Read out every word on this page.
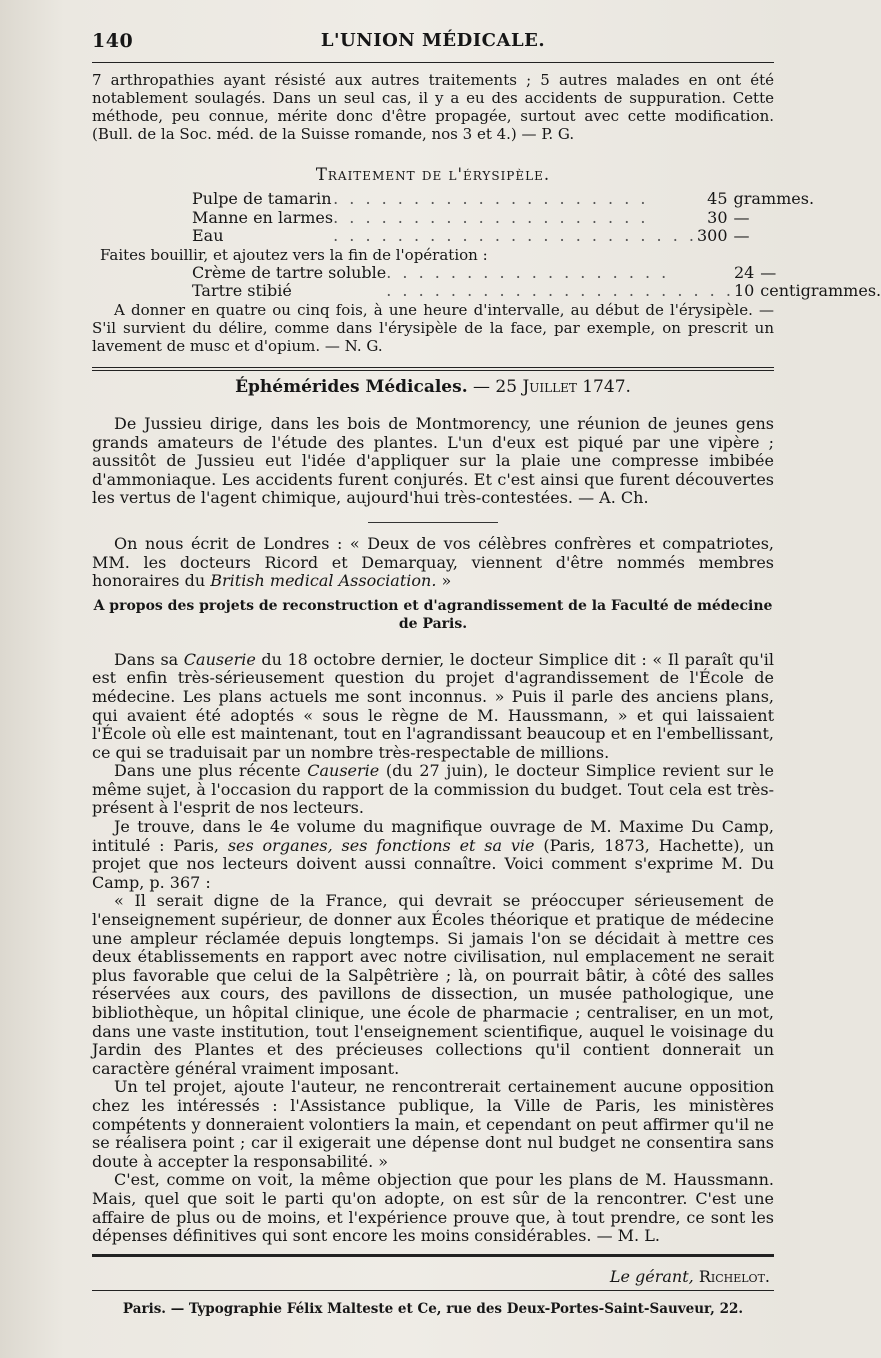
140	L'UNION MÉDICALE.

7 arthropathies ayant résisté aux autres traitements ; 5 autres malades en ont été notablement soulagés. Dans un seul cas, il y a eu des accidents de suppuration. Cette méthode, peu connue, mérite donc d'être propagée, surtout avec cette modification. (Bull. de la Soc. méd. de la Suisse romande, nos 3 et 4.) — P. G.

Traitement de l'érysipèle.
Pulpe de tamarin	. . . . . . . . . . . . . . . . . . . .	45	grammes.
Manne en larmes	. . . . . . . . . . . . . . . . . . . .	30	—
Eau	. . . . . . . . . . . . . . . . . . . . . . .	300	—

Faites bouillir, et ajoutez vers la fin de l'opération :

Crème de tartre soluble	. . . . . . . . . . . . . . . . . .	24	—
Tartre stibié	. . . . . . . . . . . . . . . . . . . . . .	10	centigrammes.

A donner en quatre ou cinq fois, à une heure d'intervalle, au début de l'érysipèle. — S'il survient du délire, comme dans l'érysipèle de la face, par exemple, on prescrit un lavement de musc et d'opium. — N. G.

Éphémérides Médicales. — 25 Juillet 1747.

De Jussieu dirige, dans les bois de Montmorency, une réunion de jeunes gens grands amateurs de l'étude des plantes. L'un d'eux est piqué par une vipère ; aussitôt de Jussieu eut l'idée d'appliquer sur la plaie une compresse imbibée d'ammoniaque. Les accidents furent conjurés. Et c'est ainsi que furent découvertes les vertus de l'agent chimique, aujourd'hui très-contestées. — A. Ch.

On nous écrit de Londres : « Deux de vos célèbres confrères et compatriotes, MM. les docteurs Ricord et Demarquay, viennent d'être nommés membres honoraires du British medical Association. »

A propos des projets de reconstruction et d'agrandissement de la Faculté de médecine de Paris.

Dans sa Causerie du 18 octobre dernier, le docteur Simplice dit : « Il paraît qu'il est enfin très-sérieusement question du projet d'agrandissement de l'École de médecine. Les plans actuels me sont inconnus. » Puis il parle des anciens plans, qui avaient été adoptés « sous le règne de M. Haussmann, » et qui laissaient l'École où elle est maintenant, tout en l'agrandissant beaucoup et en l'embellissant, ce qui se traduisait par un nombre très-respectable de millions.

Dans une plus récente Causerie (du 27 juin), le docteur Simplice revient sur le même sujet, à l'occasion du rapport de la commission du budget. Tout cela est très-présent à l'esprit de nos lecteurs.

Je trouve, dans le 4e volume du magnifique ouvrage de M. Maxime Du Camp, intitulé : Paris, ses organes, ses fonctions et sa vie (Paris, 1873, Hachette), un projet que nos lecteurs doivent aussi connaître. Voici comment s'exprime M. Du Camp, p. 367 :

« Il serait digne de la France, qui devrait se préoccuper sérieusement de l'enseignement supérieur, de donner aux Écoles théorique et pratique de médecine une ampleur réclamée depuis longtemps. Si jamais l'on se décidait à mettre ces deux établissements en rapport avec notre civilisation, nul emplacement ne serait plus favorable que celui de la Salpêtrière ; là, on pourrait bâtir, à côté des salles réservées aux cours, des pavillons de dissection, un musée pathologique, une bibliothèque, un hôpital clinique, une école de pharmacie ; centraliser, en un mot, dans une vaste institution, tout l'enseignement scientifique, auquel le voisinage du Jardin des Plantes et des précieuses collections qu'il contient donnerait un caractère général vraiment imposant.

Un tel projet, ajoute l'auteur, ne rencontrerait certainement aucune opposition chez les intéressés : l'Assistance publique, la Ville de Paris, les ministères compétents y donneraient volontiers la main, et cependant on peut affirmer qu'il ne se réalisera point ; car il exigerait une dépense dont nul budget ne consentira sans doute à accepter la responsabilité. »

C'est, comme on voit, la même objection que pour les plans de M. Haussmann. Mais, quel que soit le parti qu'on adopte, on est sûr de la rencontrer. C'est une affaire de plus ou de moins, et l'expérience prouve que, à tout prendre, ce sont les dépenses définitives qui sont encore les moins considérables. — M. L.

Le gérant, Richelot.
Paris. — Typographie Félix Malteste et Ce, rue des Deux-Portes-Saint-Sauveur, 22.
